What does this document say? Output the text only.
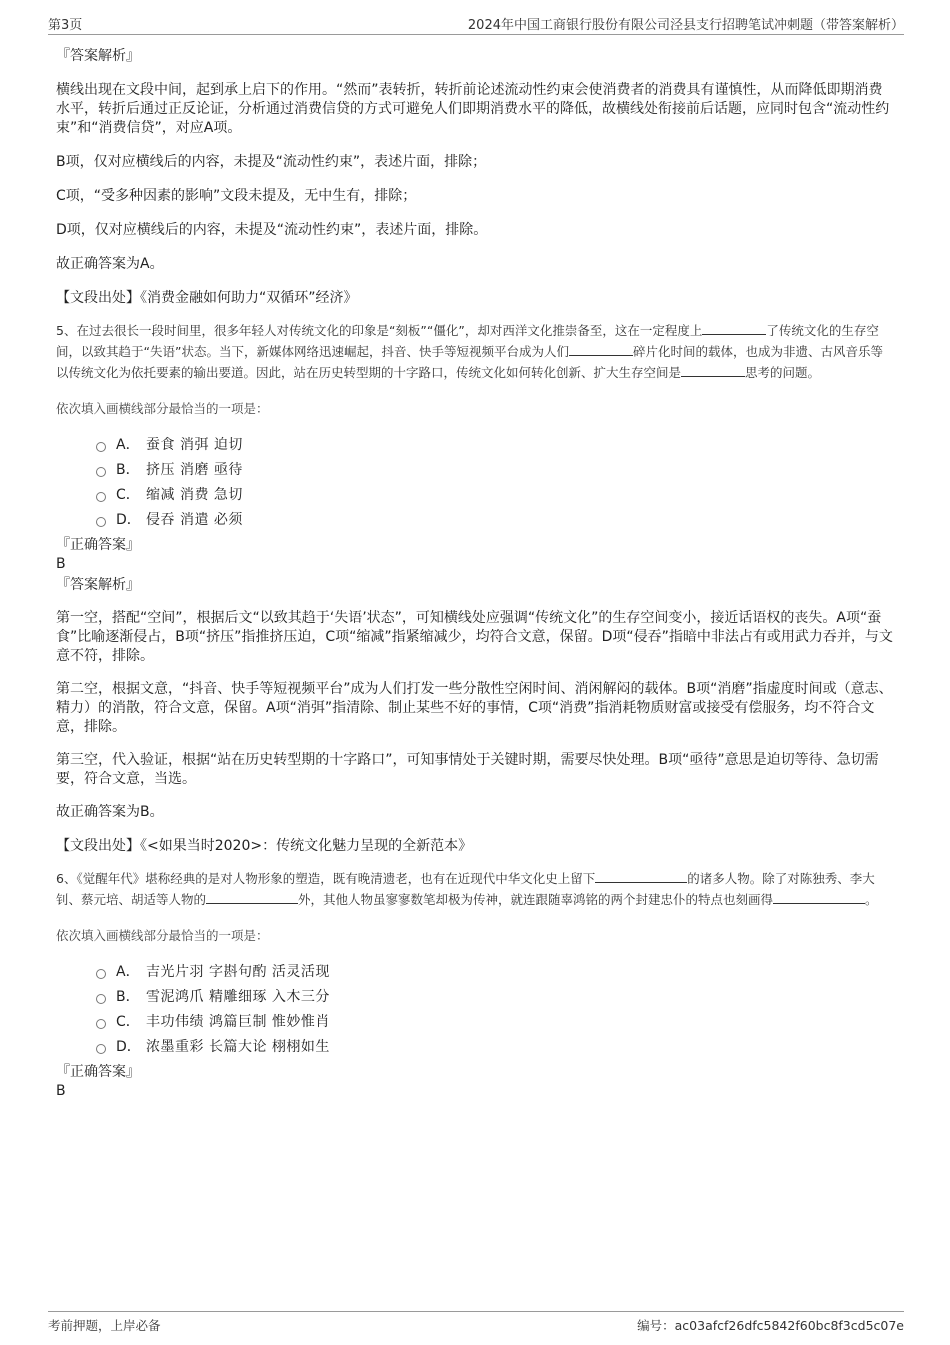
第3页	2024年中国工商银行股份有限公司泾县支行招聘笔试冲刺题（带答案解析）

『答案解析』

横线出现在文段中间，起到承上启下的作用。“然而”表转折，转折前论述流动性约束会使消费者的消费具有谨慎性，从而降低即期消费水平，转折后通过正反论证，分析通过消费信贷的方式可避免人们即期消费水平的降低，故横线处衔接前后话题，应同时包含“流动性约束”和“消费信贷”，对应A项。

B项，仅对应横线后的内容，未提及“流动性约束”，表述片面，排除；

C项，“受多种因素的影响”文段未提及，无中生有，排除；

D项，仅对应横线后的内容，未提及“流动性约束”，表述片面，排除。

故正确答案为A。

【文段出处】《消费金融如何助力“双循环”经济》

5、在过去很长一段时间里，很多年轻人对传统文化的印象是“刻板”“僵化”，却对西洋文化推崇备至，这在一定程度上	了传统文化的生存空间，以致其趋于“失语”状态。当下，新媒体网络迅速崛起，抖音、快手等短视频平台成为人们	碎片化时间的载体，也成为非遗、古风音乐等以传统文化为依托要素的输出要道。因此，站在历史转型期的十字路口，传统文化如何转化创新、扩大生存空间是	思考的问题。

依次填入画横线部分最恰当的一项是：

A． 蚕食 消弭 迫切
B． 挤压 消磨 亟待
C． 缩减 消费 急切
D． 侵吞 消遣 必须

『正确答案』

B

『答案解析』

第一空，搭配“空间”，根据后文“以致其趋于‘失语’状态”，可知横线处应强调“传统文化”的生存空间变小，接近话语权的丧失。A项“蚕食”比喻逐渐侵占，B项“挤压”指推挤压迫，C项“缩减”指紧缩减少，均符合文意，保留。D项“侵吞”指暗中非法占有或用武力吞并，与文意不符，排除。

第二空，根据文意，“抖音、快手等短视频平台”成为人们打发一些分散性空闲时间、消闲解闷的载体。B项“消磨”指虚度时间或（意志、精力）的消散，符合文意，保留。A项“消弭”指清除、制止某些不好的事情，C项“消费”指消耗物质财富或接受有偿服务，均不符合文意，排除。

第三空，代入验证，根据“站在历史转型期的十字路口”，可知事情处于关键时期，需要尽快处理。B项“亟待”意思是迫切等待、急切需要，符合文意，当选。

故正确答案为B。

【文段出处】《<如果当时2020>：传统文化魅力呈现的全新范本》

6、《觉醒年代》堪称经典的是对人物形象的塑造，既有晚清遗老，也有在近现代中华文化史上留下	的诸多人物。除了对陈独秀、李大钊、蔡元培、胡适等人物的	外，其他人物虽寥寥数笔却极为传神，就连跟随辜鸿铭的两个封建忠仆的特点也刻画得	。

依次填入画横线部分最恰当的一项是：

A． 吉光片羽 字斟句酌 活灵活现
B． 雪泥鸿爪 精雕细琢 入木三分
C． 丰功伟绩 鸿篇巨制 惟妙惟肖
D． 浓墨重彩 长篇大论 栩栩如生

『正确答案』

B

考前押题，上岸必备	编号：ac03afcf26dfc5842f60bc8f3cd5c07e
